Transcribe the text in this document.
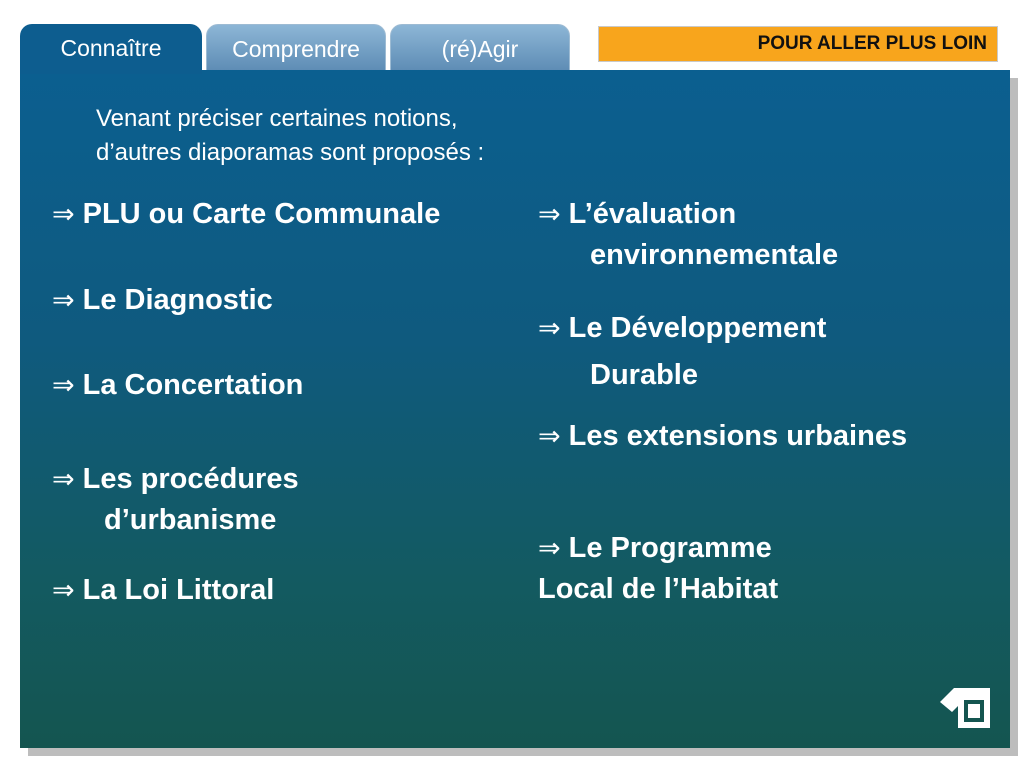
Connaître	Comprendre	(ré)Agir	POUR ALLER PLUS LOIN

Venant préciser certaines notions,
d’autres diaporamas sont proposés :

⇒ PLU ou Carte Communale
⇒ Le Diagnostic
⇒ La Concertation
⇒ Les procédures
d’urbanisme
⇒ La Loi Littoral
⇒ L’évaluation
environnementale
⇒ Le Développement
Durable
⇒ Les extensions urbaines
⇒ Le Programme
Local de l’Habitat
